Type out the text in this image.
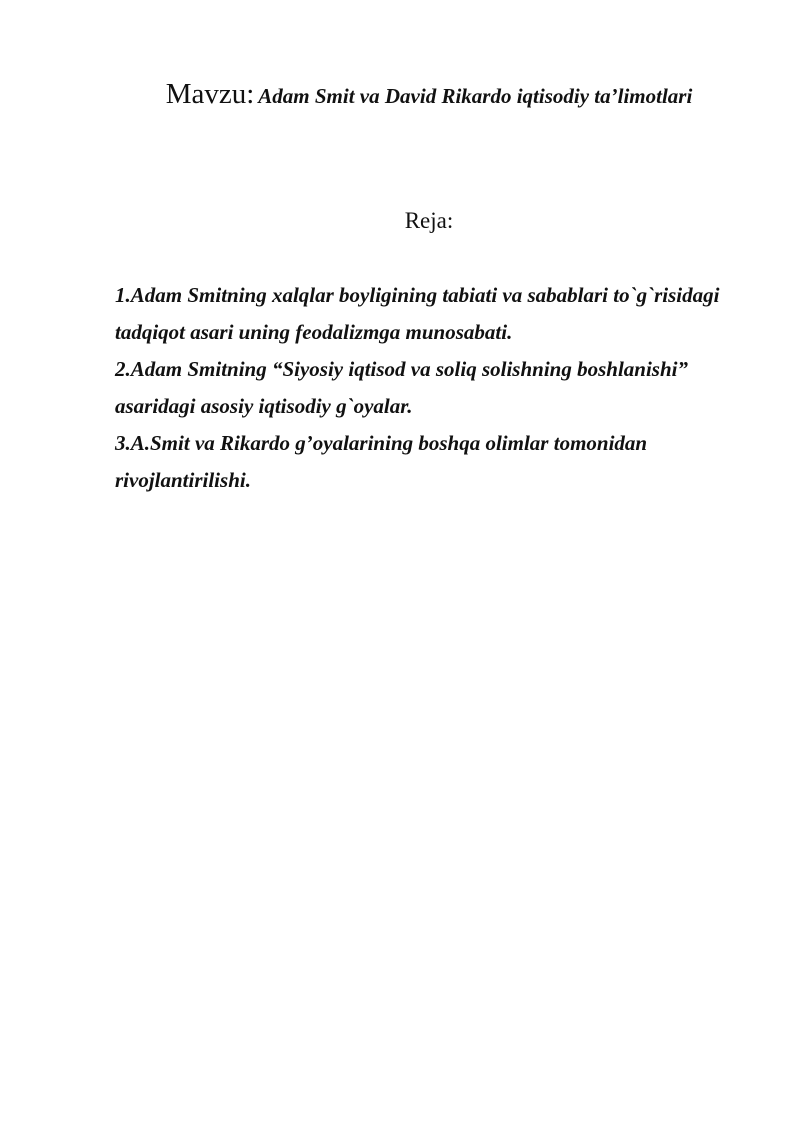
Mavzu: Adam Smit va David Rikardo iqtisodiy ta’limotlari
Reja:
1.Adam Smitning xalqlar boyligining tabiati va sabablari to`g`risidagi tadqiqot asari uning feodalizmga munosabati.
2.Adam Smitning “Siyosiy iqtisod va soliq solishning boshlanishi” asaridagi asosiy iqtisodiy g`oyalar.
3.A.Smit va Rikardo g’oyalarining boshqa olimlar tomonidan rivojlantirilishi.
